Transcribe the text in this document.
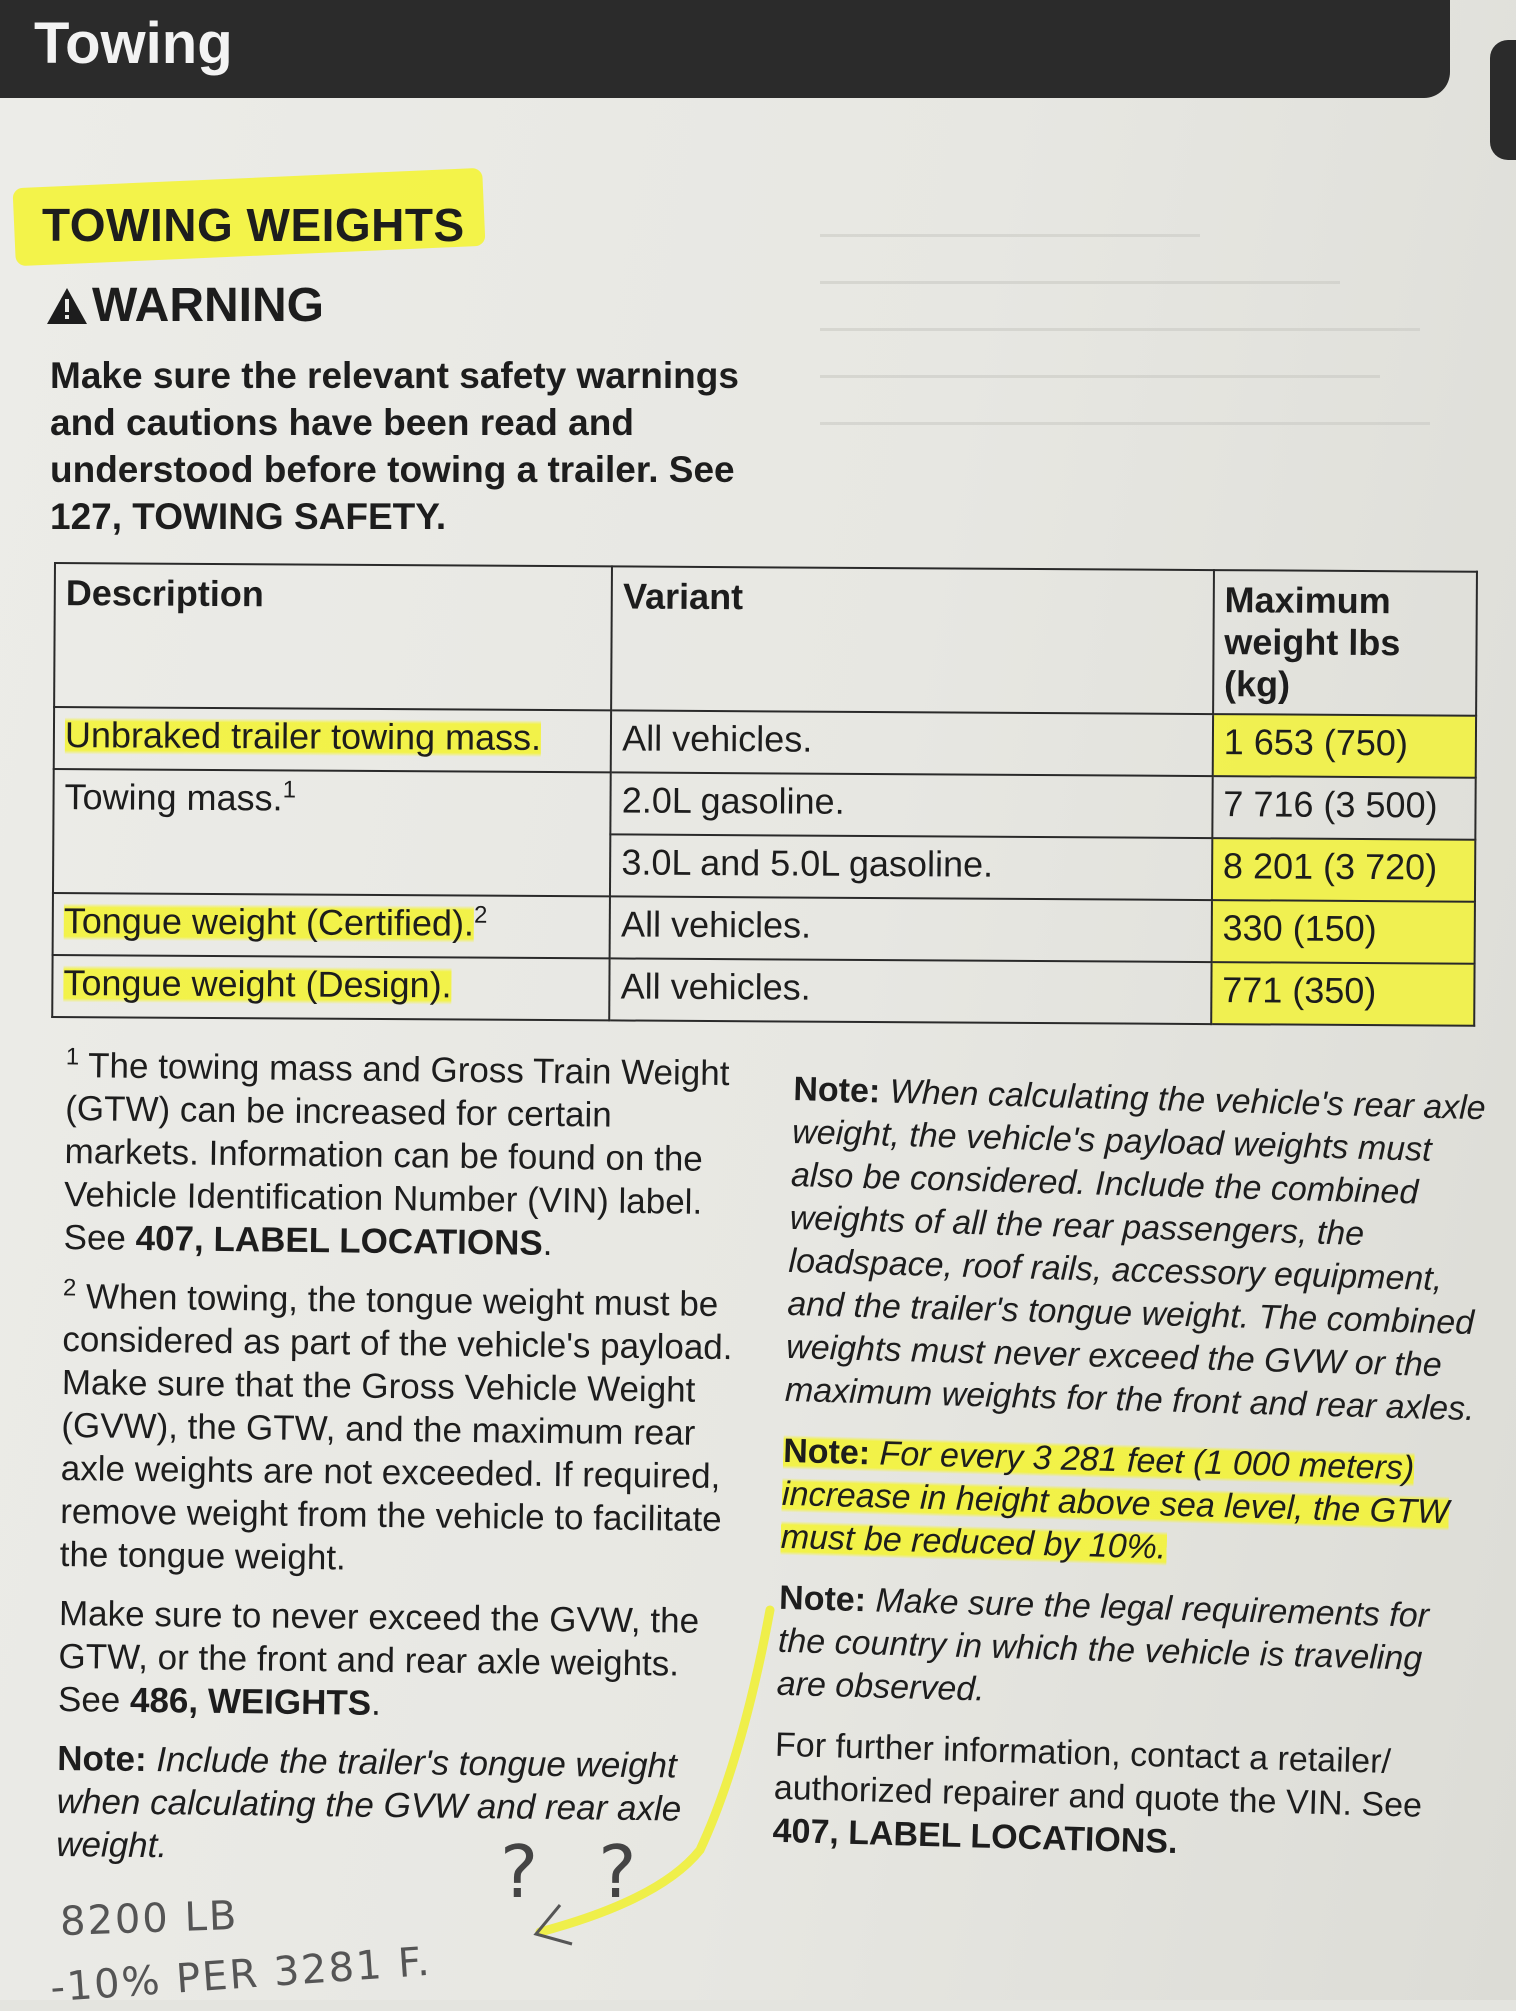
Towing
TOWING WEIGHTS
WARNING
Make sure the relevant safety warnings and cautions have been read and understood before towing a trailer. See
127, TOWING SAFETY.
Description	Variant	Maximum weight lbs (kg)
Unbraked trailer towing mass.	All vehicles.	1 653 (750)
Towing mass.$^1$	2.0L gasoline.	7 716 (3 500)
	3.0L and 5.0L gasoline.	8 201 (3 720)
Tongue weight (Certified).$^2$	All vehicles.	330 (150)
Tongue weight (Design).	All vehicles.	771 (350)

$^1$ The towing mass and Gross Train Weight (GTW) can be increased for certain markets. Information can be found on the Vehicle Identification Number (VIN) label. See 407, LABEL LOCATIONS.

$^2$ When towing, the tongue weight must be considered as part of the vehicle's payload. Make sure that the Gross Vehicle Weight (GVW), the GTW, and the maximum rear axle weights are not exceeded. If required, remove weight from the vehicle to facilitate the tongue weight.

Make sure to never exceed the GVW, the GTW, or the front and rear axle weights. See 486, WEIGHTS.

Note: Include the trailer's tongue weight when calculating the GVW and rear axle weight.

Note: When calculating the vehicle's rear axle weight, the vehicle's payload weights must also be considered. Include the combined weights of all the rear passengers, the loadspace, roof rails, accessory equipment, and the trailer's tongue weight. The combined weights must never exceed the GVW or the maximum weights for the front and rear axles.

Note: For every 3 281 feet (1 000 meters) increase in height above sea level, the GTW must be reduced by 10%.

Note: Make sure the legal requirements for the country in which the vehicle is traveling are observed.

For further information, contact a retailer/ authorized repairer and quote the VIN. See 407, LABEL LOCATIONS.

??
8200 LB
-10% PER 3281 F.
